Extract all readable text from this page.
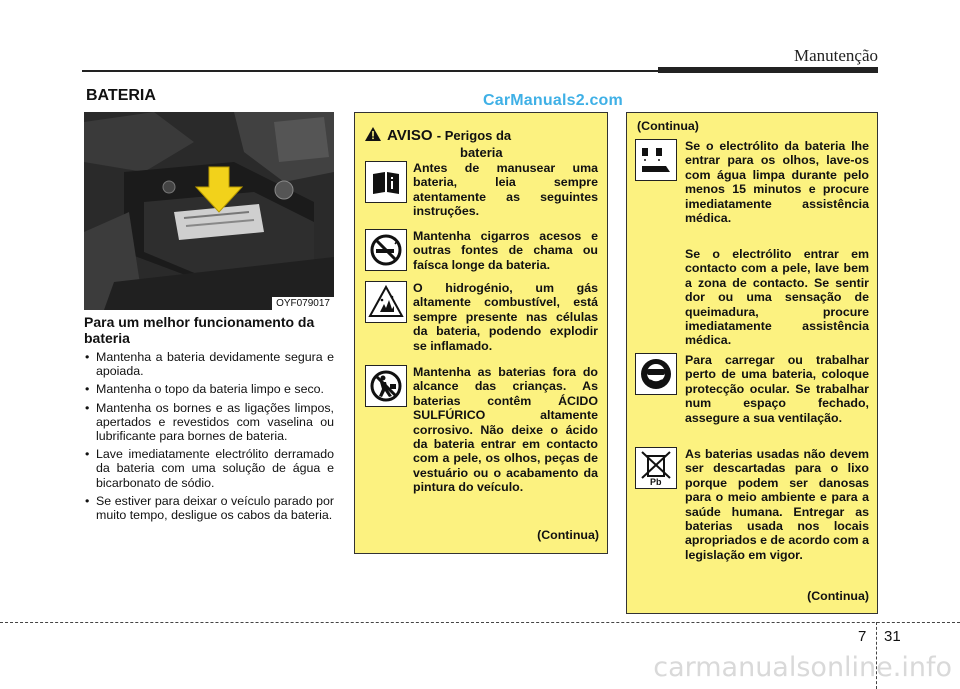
Manutenção
BATERIA	CarManuals2.com
OYF079017
Para um melhor funcionamento da bateria
• Mantenha a bateria devidamente segura e apoiada.
• Mantenha o topo da bateria limpo e seco.
• Mantenha os bornes e as ligações limpos, apertados e revestidos com vaselina ou lubrificante para bornes de bateria.
• Lave imediatamente electrólito derramado da bateria com uma solução de água e bicarbonato de sódio.
• Se estiver para deixar o veículo parado por muito tempo, desligue os cabos da bateria.
AVISO - Perigos da
bateria
Antes de manusear uma bateria, leia sempre atentamente as seguintes instruções.
Mantenha cigarros acesos e outras fontes de chama ou faísca longe da bateria.
O hidrogénio, um gás altamente combustível, está sempre presente nas células da bateria, podendo explodir se inflamado.
Mantenha as baterias fora do alcance das crianças. As baterias contêm ÁCIDO SULFÚRICO altamente corrosivo. Não deixe o ácido da bateria entrar em contacto com a pele, os olhos, peças de vestuário ou o acabamento da pintura do veículo.
(Continua)
(Continua)
Se o electrólito da bateria lhe entrar para os olhos, lave-os com água limpa durante pelo menos 15 minutos e procure imediatamente assistência médica.
Se o electrólito entrar em contacto com a pele, lave bem a zona de contacto. Se sentir dor ou uma sensação de queimadura, procure imediatamente assistência médica.
Para carregar ou trabalhar perto de uma bateria, coloque protecção ocular. Se trabalhar num espaço fechado, assegure a sua ventilação.
Pb
As baterias usadas não devem ser descartadas para o lixo porque podem ser danosas para o meio ambiente e para a saúde humana. Entregar as baterias usada nos locais apropriados e de acordo com a legislação em vigor.
(Continua)
7 31
carmanualsonline.info
